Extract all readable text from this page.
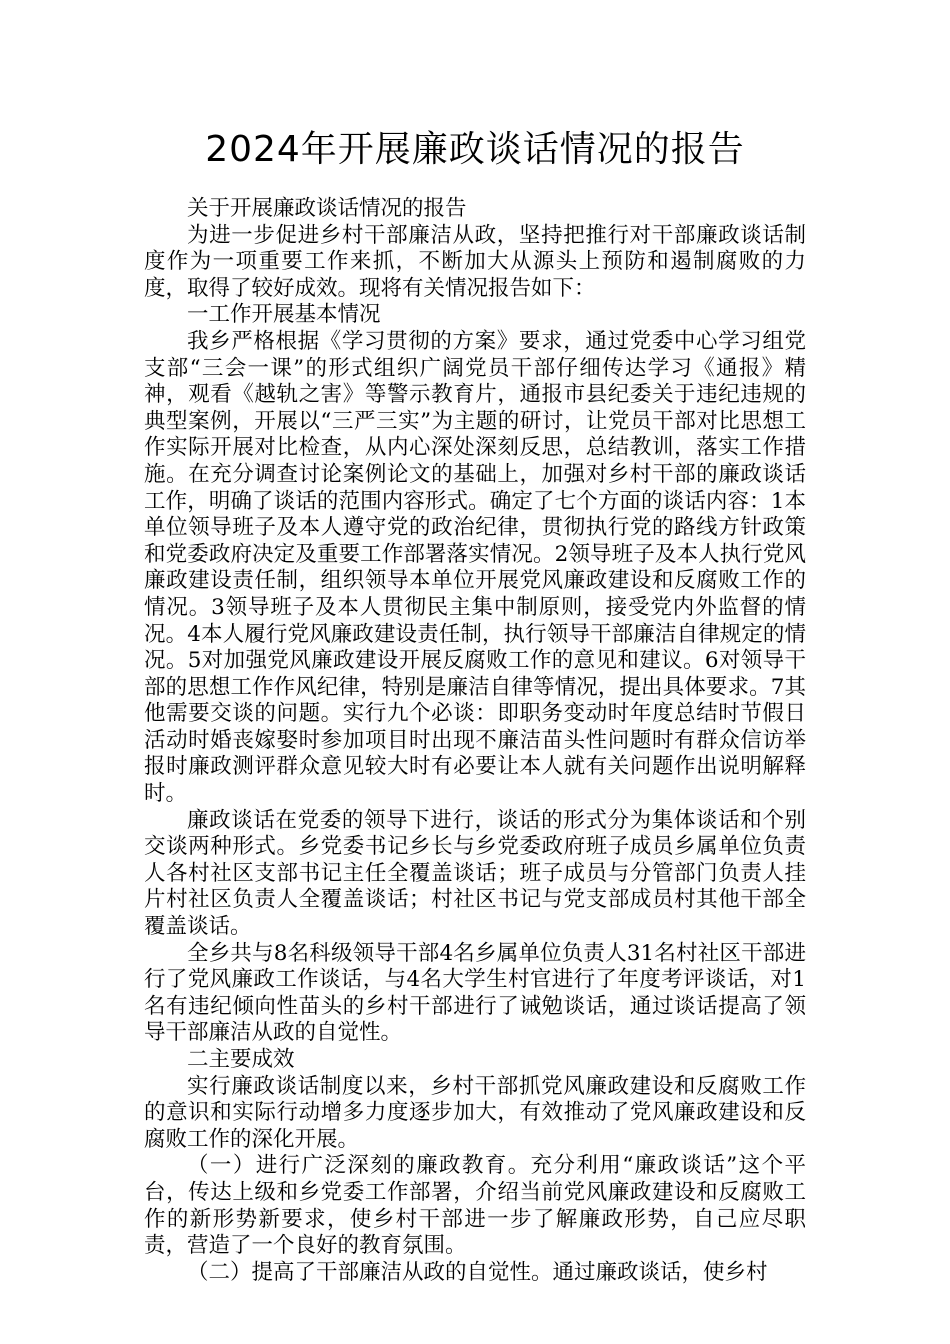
2024年开展廉政谈话情况的报告

关于开展廉政谈话情况的报告

为进一步促进乡村干部廉洁从政，坚持把推行对干部廉政谈话制度作为一项重要工作来抓，不断加大从源头上预防和遏制腐败的力度，取得了较好成效。现将有关情况报告如下：

一工作开展基本情况

我乡严格根据《学习贯彻的方案》要求，通过党委中心学习组党支部“三会一课”的形式组织广阔党员干部仔细传达学习《通报》精神，观看《越轨之害》等警示教育片，通报市县纪委关于违纪违规的典型案例，开展以“三严三实”为主题的研讨，让党员干部对比思想工作实际开展对比检查，从内心深处深刻反思，总结教训，落实工作措施。在充分调查讨论案例论文的基础上，加强对乡村干部的廉政谈话工作，明确了谈话的范围内容形式。确定了七个方面的谈话内容：1本单位领导班子及本人遵守党的政治纪律，贯彻执行党的路线方针政策和党委政府决定及重要工作部署落实情况。2领导班子及本人执行党风廉政建设责任制，组织领导本单位开展党风廉政建设和反腐败工作的情况。3领导班子及本人贯彻民主集中制原则，接受党内外监督的情况。4本人履行党风廉政建设责任制，执行领导干部廉洁自律规定的情况。5对加强党风廉政建设开展反腐败工作的意见和建议。6对领导干部的思想工作作风纪律，特别是廉洁自律等情况，提出具体要求。7其他需要交谈的问题。实行九个必谈：即职务变动时年度总结时节假日活动时婚丧嫁娶时参加项目时出现不廉洁苗头性问题时有群众信访举报时廉政测评群众意见较大时有必要让本人就有关问题作出说明解释时。

廉政谈话在党委的领导下进行，谈话的形式分为集体谈话和个别交谈两种形式。乡党委书记乡长与乡党委政府班子成员乡属单位负责人各村社区支部书记主任全覆盖谈话；班子成员与分管部门负责人挂片村社区负责人全覆盖谈话；村社区书记与党支部成员村其他干部全覆盖谈话。

全乡共与8名科级领导干部4名乡属单位负责人31名村社区干部进行了党风廉政工作谈话，与4名大学生村官进行了年度考评谈话，对1名有违纪倾向性苗头的乡村干部进行了诫勉谈话，通过谈话提高了领导干部廉洁从政的自觉性。

二主要成效

实行廉政谈话制度以来，乡村干部抓党风廉政建设和反腐败工作的意识和实际行动增多力度逐步加大，有效推动了党风廉政建设和反腐败工作的深化开展。

（一）进行广泛深刻的廉政教育。充分利用“廉政谈话”这个平台，传达上级和乡党委工作部署，介绍当前党风廉政建设和反腐败工作的新形势新要求，使乡村干部进一步了解廉政形势，自己应尽职责，营造了一个良好的教育氛围。

（二）提高了干部廉洁从政的自觉性。通过廉政谈话，使乡村
